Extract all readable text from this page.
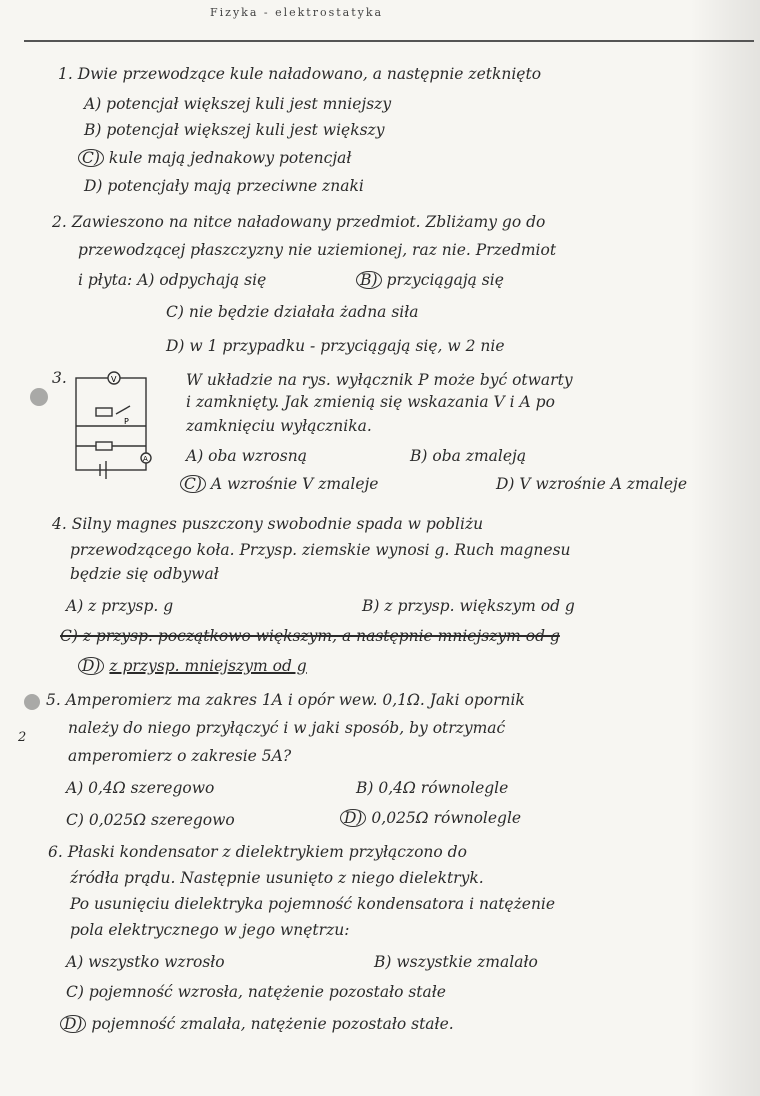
Fizyka - elektrostatyka
1. Dwie przewodzące kule naładowano, a następnie zetknięto
A) potencjał większej kuli jest mniejszy
B) potencjał większej kuli jest większy
C) kule mają jednakowy potencjał
D) potencjały mają przeciwne znaki
2. Zawieszono na nitce naładowany przedmiot. Zbliżamy go do
przewodzącej płaszczyzny nie uziemionej, raz nie. Przedmiot
i płyta: A) odpychają się	B) przyciągają się
C) nie będzie działała żadna siła
D) w 1 przypadku - przyciągają się, w 2 nie
3.	V
P
A
W układzie na rys. wyłącznik P może być otwarty
i zamknięty. Jak zmienią się wskazania V i A po
zamknięciu wyłącznika.
A) oba wzrosną	B) oba zmaleją
C) A wzrośnie V zmaleje	D) V wzrośnie A zmaleje
4. Silny magnes puszczony swobodnie spada w pobliżu
przewodzącego koła. Przysp. ziemskie wynosi g. Ruch magnesu
będzie się odbywał
A) z przysp. g	B) z przysp. większym od g
C) z przysp. początkowo większym, a następnie mniejszym od g
D) z przysp. mniejszym od g
5. Amperomierz ma zakres 1A i opór wew. 0,1Ω. Jaki opornik
2
należy do niego przyłączyć i w jaki sposób, by otrzymać
amperomierz o zakresie 5A?
A) 0,4Ω szeregowo	B) 0,4Ω równolegle
C) 0,025Ω szeregowo	D) 0,025Ω równolegle
6. Płaski kondensator z dielektrykiem przyłączono do
źródła prądu. Następnie usunięto z niego dielektryk.
Po usunięciu dielektryka pojemność kondensatora i natężenie
pola elektrycznego w jego wnętrzu:
A) wszystko wzrosło	B) wszystkie zmalało
C) pojemność wzrosła, natężenie pozostało stałe
D) pojemność zmalała, natężenie pozostało stałe.
